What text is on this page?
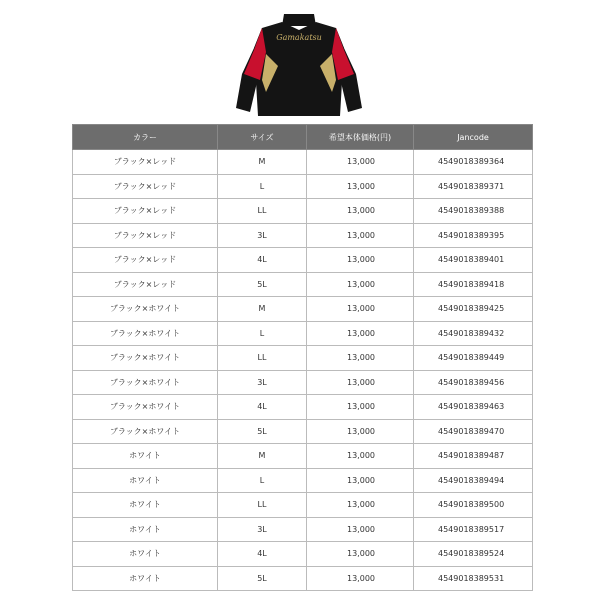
Gamakatsu
カラー	サイズ	希望本体価格(円)	Jancode
ブラック×レッド	M	13,000	4549018389364
ブラック×レッド	L	13,000	4549018389371
ブラック×レッド	LL	13,000	4549018389388
ブラック×レッド	3L	13,000	4549018389395
ブラック×レッド	4L	13,000	4549018389401
ブラック×レッド	5L	13,000	4549018389418
ブラック×ホワイト	M	13,000	4549018389425
ブラック×ホワイト	L	13,000	4549018389432
ブラック×ホワイト	LL	13,000	4549018389449
ブラック×ホワイト	3L	13,000	4549018389456
ブラック×ホワイト	4L	13,000	4549018389463
ブラック×ホワイト	5L	13,000	4549018389470
ホワイト	M	13,000	4549018389487
ホワイト	L	13,000	4549018389494
ホワイト	LL	13,000	4549018389500
ホワイト	3L	13,000	4549018389517
ホワイト	4L	13,000	4549018389524
ホワイト	5L	13,000	4549018389531
